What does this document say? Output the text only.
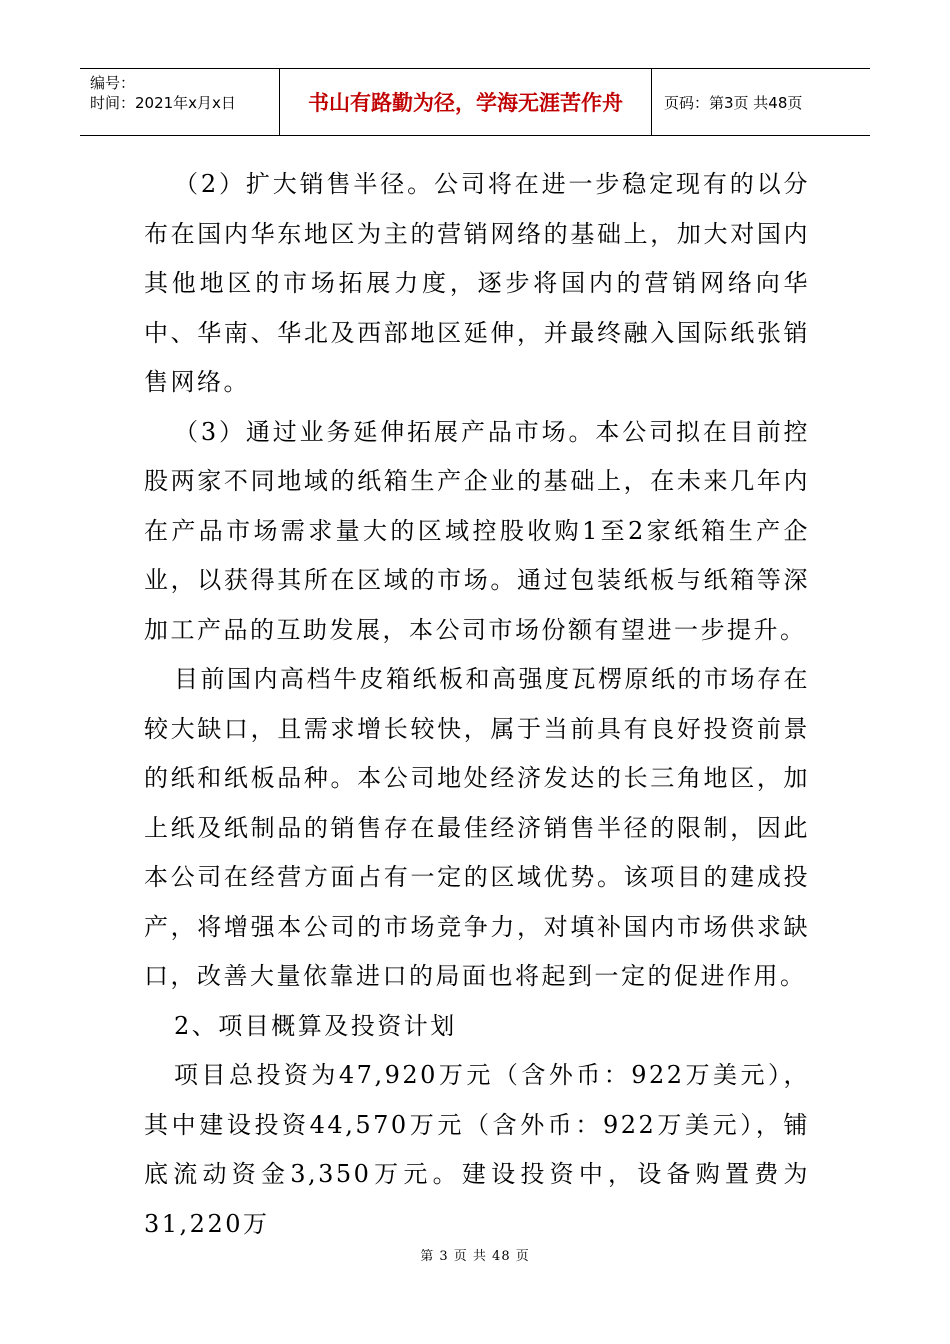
编号：
时间：2021年x月x日	书山有路勤为径，学海无涯苦作舟	页码：第3页 共48页

（2）扩大销售半径。公司将在进一步稳定现有的以分布在国内华东地区为主的营销网络的基础上，加大对国内其他地区的市场拓展力度，逐步将国内的营销网络向华中、华南、华北及西部地区延伸，并最终融入国际纸张销售网络。

（3）通过业务延伸拓展产品市场。本公司拟在目前控股两家不同地域的纸箱生产企业的基础上，在未来几年内在产品市场需求量大的区域控股收购1至2家纸箱生产企业，以获得其所在区域的市场。通过包装纸板与纸箱等深加工产品的互助发展，本公司市场份额有望进一步提升。

目前国内高档牛皮箱纸板和高强度瓦楞原纸的市场存在较大缺口，且需求增长较快，属于当前具有良好投资前景的纸和纸板品种。本公司地处经济发达的长三角地区，加上纸及纸制品的销售存在最佳经济销售半径的限制，因此本公司在经营方面占有一定的区域优势。该项目的建成投产，将增强本公司的市场竞争力，对填补国内市场供求缺口，改善大量依靠进口的局面也将起到一定的促进作用。

2、项目概算及投资计划

项目总投资为47,920万元（含外币：922万美元），其中建设投资44,570万元（含外币：922万美元），铺底流动资金3,350万元。建设投资中，设备购置费为31,220万

第 3 页 共 48 页
